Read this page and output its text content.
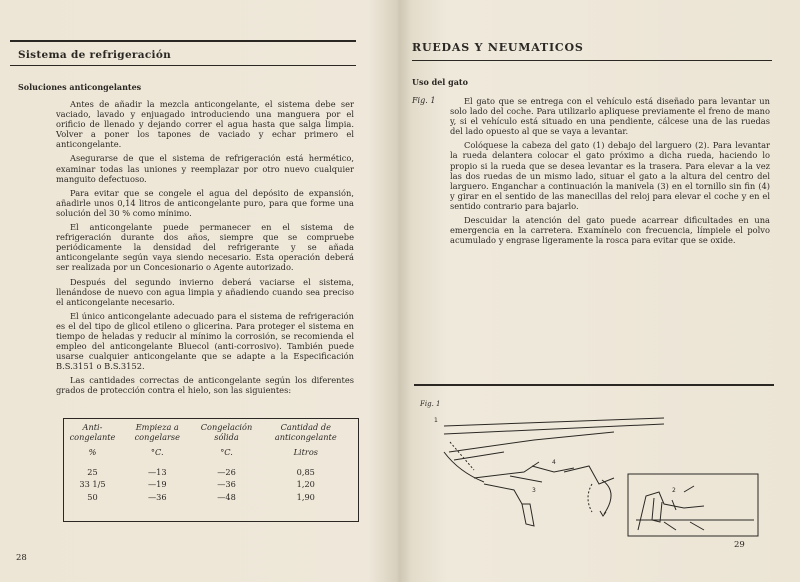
Sistema de refrigeración
Soluciones anticongelantes

Antes de añadir la mezcla anticongelante, el sistema debe ser vaciado, lavado y enjuagado introduciendo una manguera por el orificio de llenado y dejando correr el agua hasta que salga limpia. Volver a poner los tapones de vaciado y echar primero el anticongelante.

Asegurarse de que el sistema de refrigeración está hermético, examinar todas las uniones y reemplazar por otro nuevo cualquier manguito defectuoso.

Para evitar que se congele el agua del depósito de expansión, añadirle unos 0,14 litros de anticongelante puro, para que forme una solución del 30 % como mínimo.

El anticongelante puede permanecer en el sistema de refrigeración durante dos años, siempre que se compruebe periódicamente la densidad del refrigerante y se añada anticongelante según vaya siendo necesario. Esta operación deberá ser realizada por un Concesionario o Agente autorizado.

Después del segundo invierno deberá vaciarse el sistema, llenándose de nuevo con agua limpia y añadiendo cuando sea preciso el anticongelante necesario.

El único anticongelante adecuado para el sistema de refrigeración es el del tipo de glicol etileno o glicerina. Para proteger el sistema en tiempo de heladas y reducir al mínimo la corrosión, se recomienda el empleo del anticongelante Bluecol (anti-corrosivo). También puede usarse cualquier anticongelante que se adapte a la Especificación B.S.3151 o B.S.3152.

Las cantidades correctas de anticongelante según los diferentes grados de protección contra el hielo, son las siguientes:

Anti-congelante	Empieza a congelarse	Congelación sólida	Cantidad de anticongelante
%	°C.	°C.	Litros
25	—13	—26	0,85
33 1/5	—19	—36	1,20
50	—36	—48	1,90
28
RUEDAS Y NEUMATICOS
Uso del gato
Fig. 1	El gato que se entrega con el vehículo está diseñado para levantar un solo lado del coche. Para utilizarlo apliquese previamente el freno de mano y, si el vehículo está situado en una pendiente, cálcese una de las ruedas del lado opuesto al que se vaya a levantar.

Colóquese la cabeza del gato (1) debajo del larguero (2). Para levantar la rueda delantera colocar el gato próximo a dicha rueda, haciendo lo propio si la rueda que se desea levantar es la trasera. Para elevar a la vez las dos ruedas de un mismo lado, situar el gato a la altura del centro del larguero. Enganchar a continuación la manivela (3) en el tornillo sin fin (4) y girar en el sentido de las manecillas del reloj para elevar el coche y en el sentido contrario para bajarlo.

Descuidar la atención del gato puede acarrear dificultades en una emergencia en la carretera. Examínelo con frecuencia, límpiele el polvo acumulado y engrase ligeramente la rosca para evitar que se oxide.

Fig. 1
1
2
3
4
29
